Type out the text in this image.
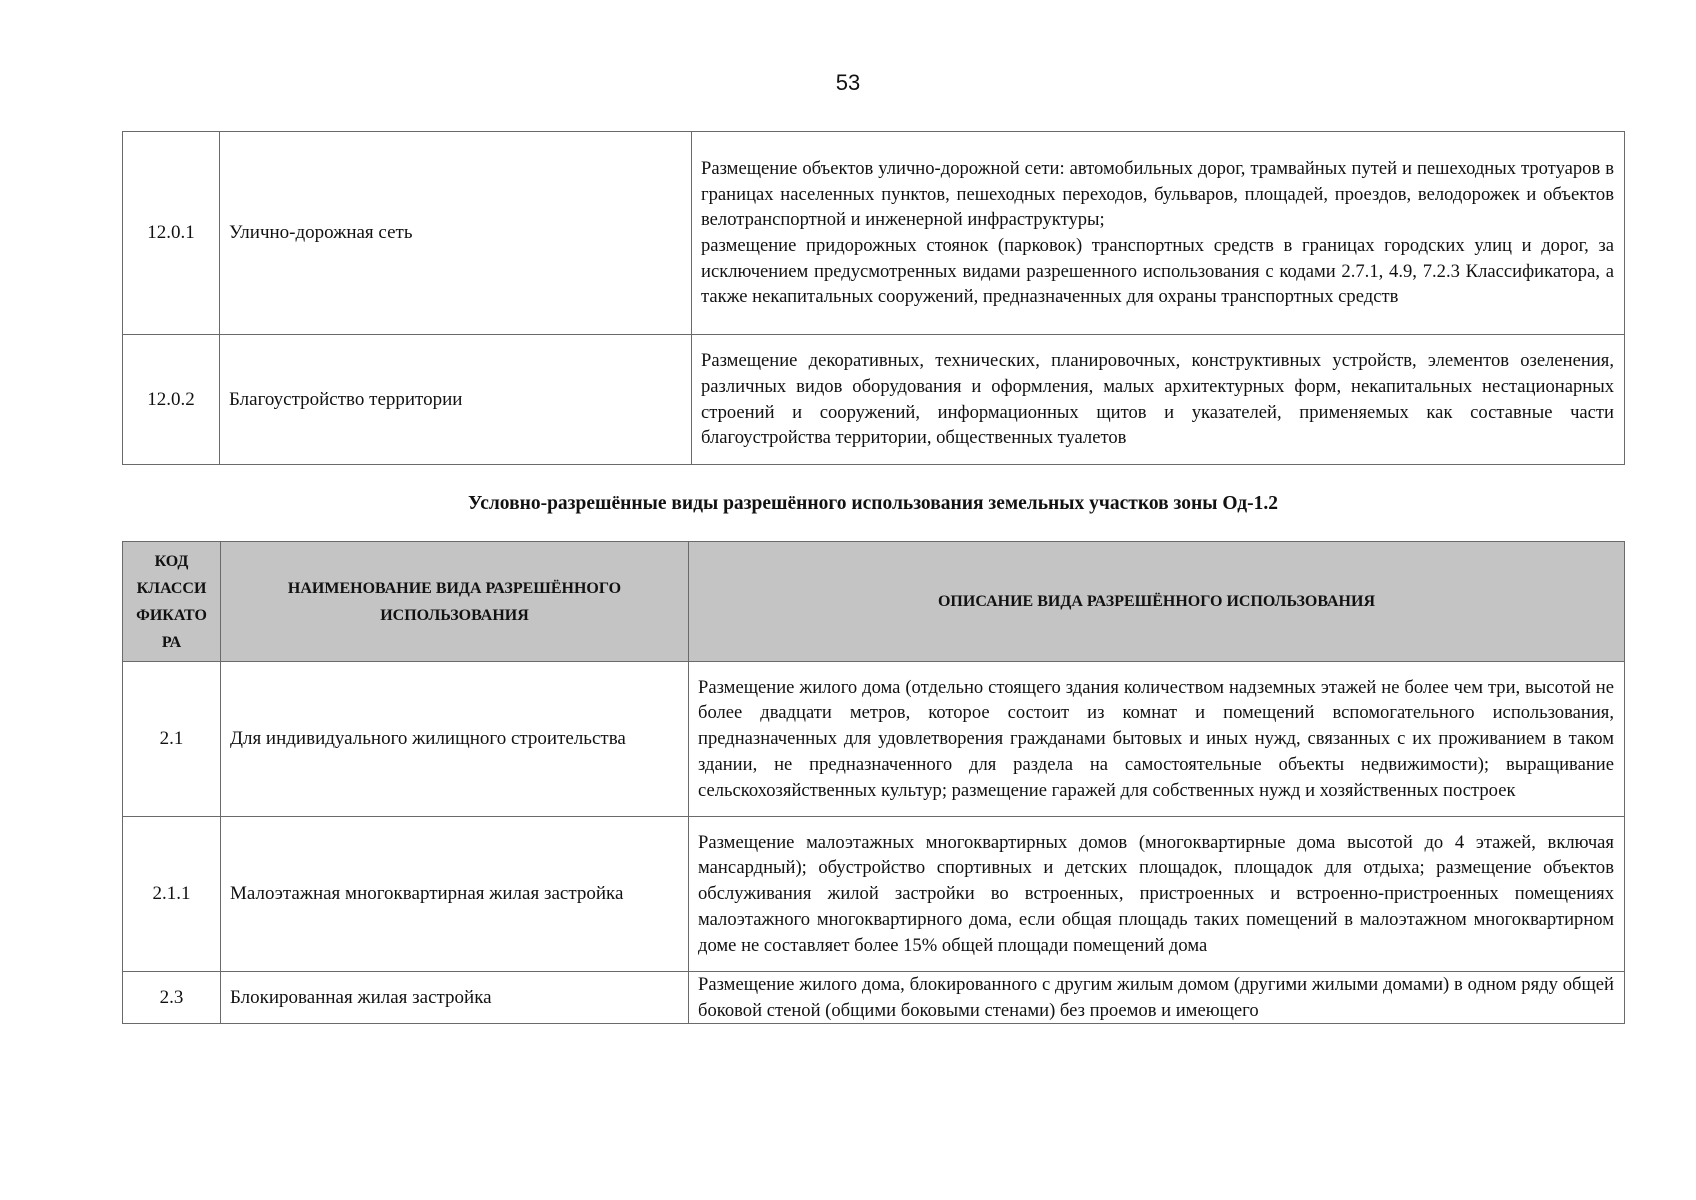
53
12.0.1	Улично-дорожная сеть	Размещение объектов улично-дорожной сети: автомобильных дорог, трамвайных путей и пешеходных тротуаров в границах населенных пунктов, пешеходных переходов, бульваров, площадей, проездов, велодорожек и объектов велотранспортной и инженерной инфраструктуры;
размещение придорожных стоянок (парковок) транспортных средств в границах городских улиц и дорог, за исключением предусмотренных видами разрешенного использования с кодами 2.7.1, 4.9, 7.2.3 Классификатора, а также некапитальных сооружений, предназначенных для охраны транспортных средств
12.0.2	Благоустройство территории	Размещение декоративных, технических, планировочных, конструктивных устройств, элементов озеленения, различных видов оборудования и оформления, малых архитектурных форм, некапитальных нестационарных строений и сооружений, информационных щитов и указателей, применяемых как составные части благоустройства территории, общественных туалетов
Условно-разрешённые виды разрешённого использования земельных участков зоны Од-1.2
КОД КЛАССИ ФИКАТО РА	НАИМЕНОВАНИЕ ВИДА РАЗРЕШЁННОГО ИСПОЛЬЗОВАНИЯ	ОПИСАНИЕ ВИДА РАЗРЕШЁННОГО ИСПОЛЬЗОВАНИЯ
2.1	Для индивидуального жилищного строительства	Размещение жилого дома (отдельно стоящего здания количеством надземных этажей не более чем три, высотой не более двадцати метров, которое состоит из комнат и помещений вспомогательного использования, предназначенных для удовлетворения гражданами бытовых и иных нужд, связанных с их проживанием в таком здании, не предназначенного для раздела на самостоятельные объекты недвижимости); выращивание сельскохозяйственных культур; размещение гаражей для собственных нужд и хозяйственных построек
2.1.1	Малоэтажная многоквартирная жилая застройка	Размещение малоэтажных многоквартирных домов (многоквартирные дома высотой до 4 этажей, включая мансардный); обустройство спортивных и детских площадок, площадок для отдыха; размещение объектов обслуживания жилой застройки во встроенных, пристроенных и встроенно-пристроенных помещениях малоэтажного многоквартирного дома, если общая площадь таких помещений в малоэтажном многоквартирном доме не составляет более 15% общей площади помещений дома
2.3	Блокированная жилая застройка	Размещение жилого дома, блокированного с другим жилым домом (другими жилыми домами) в одном ряду общей боковой стеной (общими боковыми стенами) без проемов и имеющего
